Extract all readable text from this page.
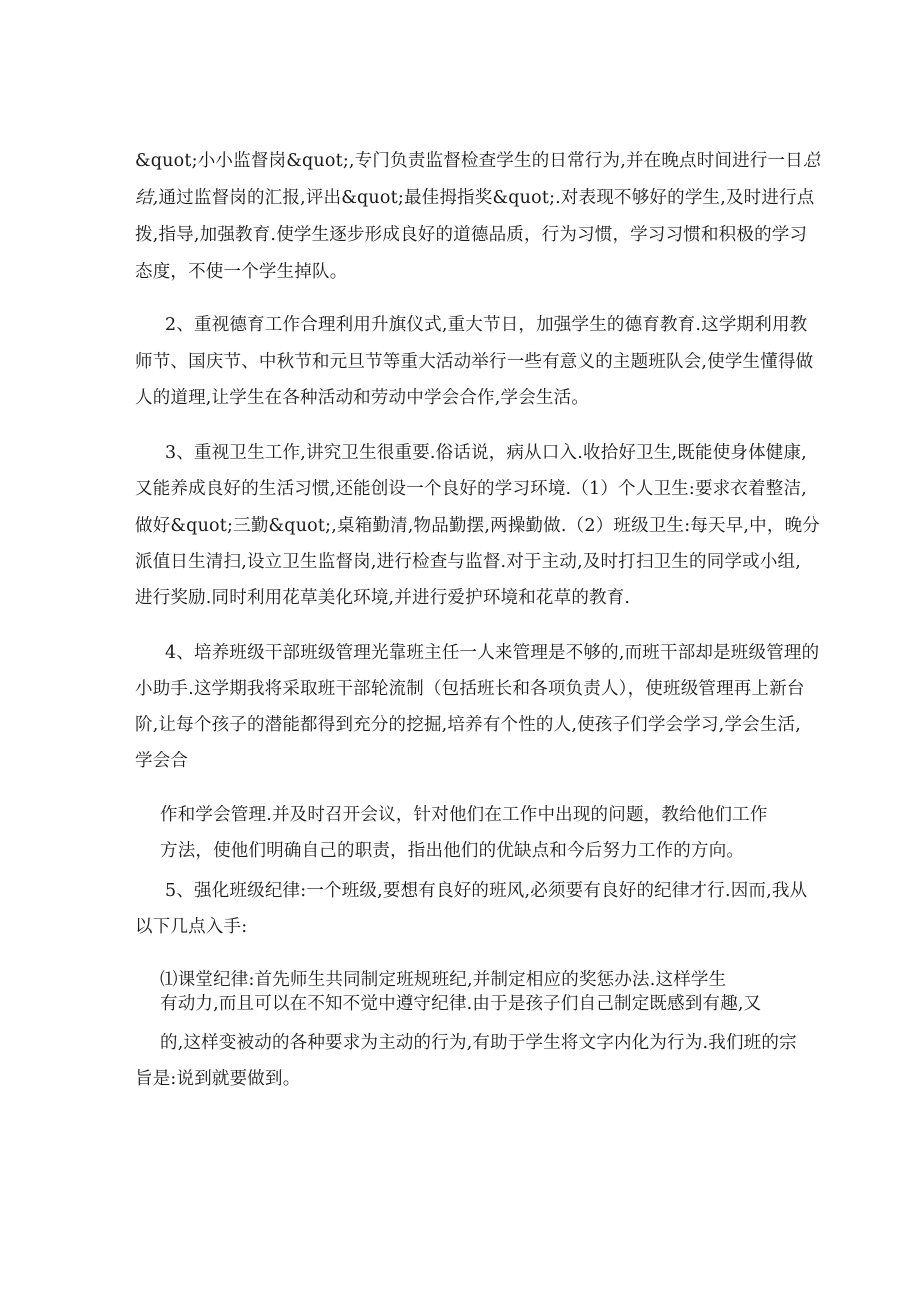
&quot;小小监督岗&quot;,专门负责监督检查学生的日常行为,并在晚点时间进行一日总
结,通过监督岗的汇报,评出&quot;最佳拇指奖&quot;.对表现不够好的学生,及时进行点
拨,指导,加强教育.使学生逐步形成良好的道德品质，行为习惯，学习习惯和积极的学习
态度，不使一个学生掉队。
2、重视德育工作合理利用升旗仪式,重大节日，加强学生的德育教育.这学期利用教
师节、国庆节、中秋节和元旦节等重大活动举行一些有意义的主题班队会,使学生懂得做
人的道理,让学生在各种活动和劳动中学会合作,学会生活。
3、重视卫生工作,讲究卫生很重要.俗话说，病从口入.收拾好卫生,既能使身体健康,
又能养成良好的生活习惯,还能创设一个良好的学习环境.（1）个人卫生:要求衣着整洁,
做好&quot;三勤&quot;,桌箱勤清,物品勤摆,两操勤做.（2）班级卫生:每天早,中，晚分
派值日生清扫,设立卫生监督岗,进行检查与监督.对于主动,及时打扫卫生的同学或小组,
进行奖励.同时利用花草美化环境,并进行爱护环境和花草的教育.
4、培养班级干部班级管理光靠班主任一人来管理是不够的,而班干部却是班级管理的
小助手.这学期我将采取班干部轮流制（包括班长和各项负责人），使班级管理再上新台
阶,让每个孩子的潜能都得到充分的挖掘,培养有个性的人,使孩子们学会学习,学会生活,
学会合
作和学会管理.并及时召开会议，针对他们在工作中出现的问题，教给他们工作
方法，使他们明确自己的职责，指出他们的优缺点和今后努力工作的方向。
5、强化班级纪律:一个班级,要想有良好的班风,必须要有良好的纪律才行.因而,我从
以下几点入手:
⑴课堂纪律:首先师生共同制定班规班纪,并制定相应的奖惩办法.这样学生
有动力,而且可以在不知不觉中遵守纪律.由于是孩子们自己制定既感到有趣,又
的,这样变被动的各种要求为主动的行为,有助于学生将文字内化为行为.我们班的宗
旨是:说到就要做到。
